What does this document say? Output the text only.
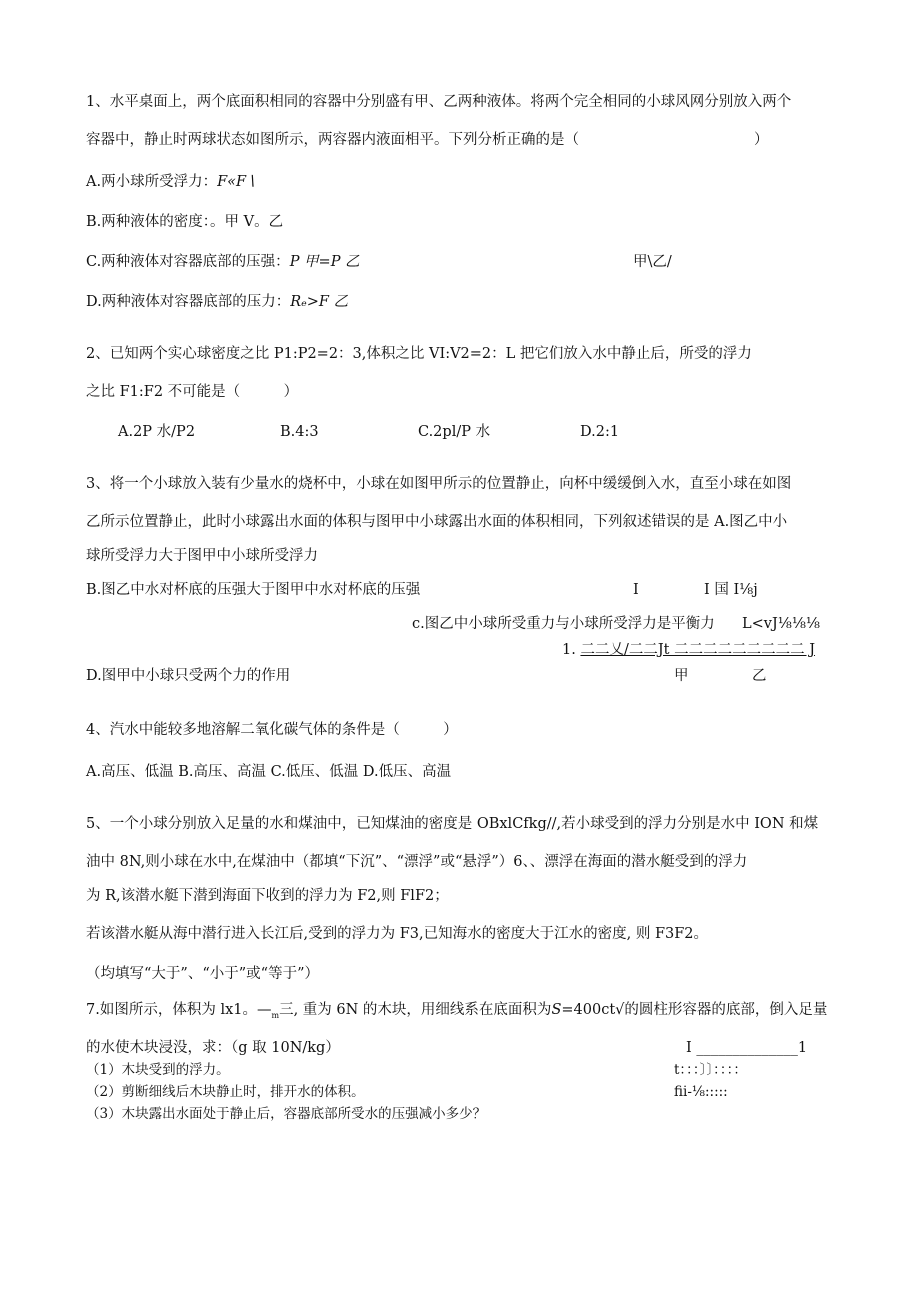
1、水平桌面上，两个底面积相同的容器中分别盛有甲、乙两种液体。将两个完全相同的小球风网分别放入两个
容器中，静止时两球状态如图所示，两容器内液面相平。下列分析正确的是（	）
A.两小球所受浮力：F«F∖
B.两种液体的密度：。甲 V。乙
C.两种液体对容器底部的压强：P 甲=P 乙	甲\乙/
D.两种液体对容器底部的压力：Rₑ>F 乙
2、已知两个实心球密度之比 P1:P2=2：3,体积之比 VI:V2=2：L 把它们放入水中静止后，所受的浮力
之比 F1:F2 不可能是（　　　）
A.2P 水/P2	B.4:3	C.2pl/P 水	D.2:1
3、将一个小球放入装有少量水的烧杯中，小球在如图甲所示的位置静止，向杯中缓缓倒入水，直至小球在如图
乙所示位置静止，此时小球露出水面的体积与图甲中小球露出水面的体积相同，下列叙述错误的是 A.图乙中小
球所受浮力大于图甲中小球所受浮力
B.图乙中水对杯底的压强大于图甲中水对杯底的压强	I	I 国 I⅛j
c.图乙中小球所受重力与小球所受浮力是平衡力 L<vJ⅛⅛⅛
1. 二二乂/二二Jt 二二二二二二二二二 J
D.图甲中小球只受两个力的作用	甲	乙
4、汽水中能较多地溶解二氧化碳气体的条件是（　　　）
A.高压、低温 B.高压、高温 C.低压、低温 D.低压、高温
5、一个小球分别放入足量的水和煤油中，已知煤油的密度是 OBxlCfkg//,若小球受到的浮力分别是水中 ION 和煤
油中 8N,则小球在水中,在煤油中（都填“下沉”、“漂浮”或“悬浮”）6、、漂浮在海面的潜水艇受到的浮力
为 R,该潜水艇下潜到海面下收到的浮力为 F2,则 FlF2；
若该潜水艇从海中潜行进入长江后,受到的浮力为 F3,已知海水的密度大于江水的密度, 则 F3F2。
（均填写“大于”、“小于”或“等于”）
7.如图所示，体积为 lx1。$—_m$三, 重为 6N 的木块，用细线系在底面积为S=400ct√的圆柱形容器的底部，倒入足量
的水使木块浸没，求：（g 取 10N/kg）	I ______________1
（1）木块受到的浮力。	t：：：〕〕：：：：
（2）剪断细线后木块静止时，排开水的体积。	fii-⅛:::::
（3）木块露出水面处于静止后，容器底部所受水的压强减小多少？
